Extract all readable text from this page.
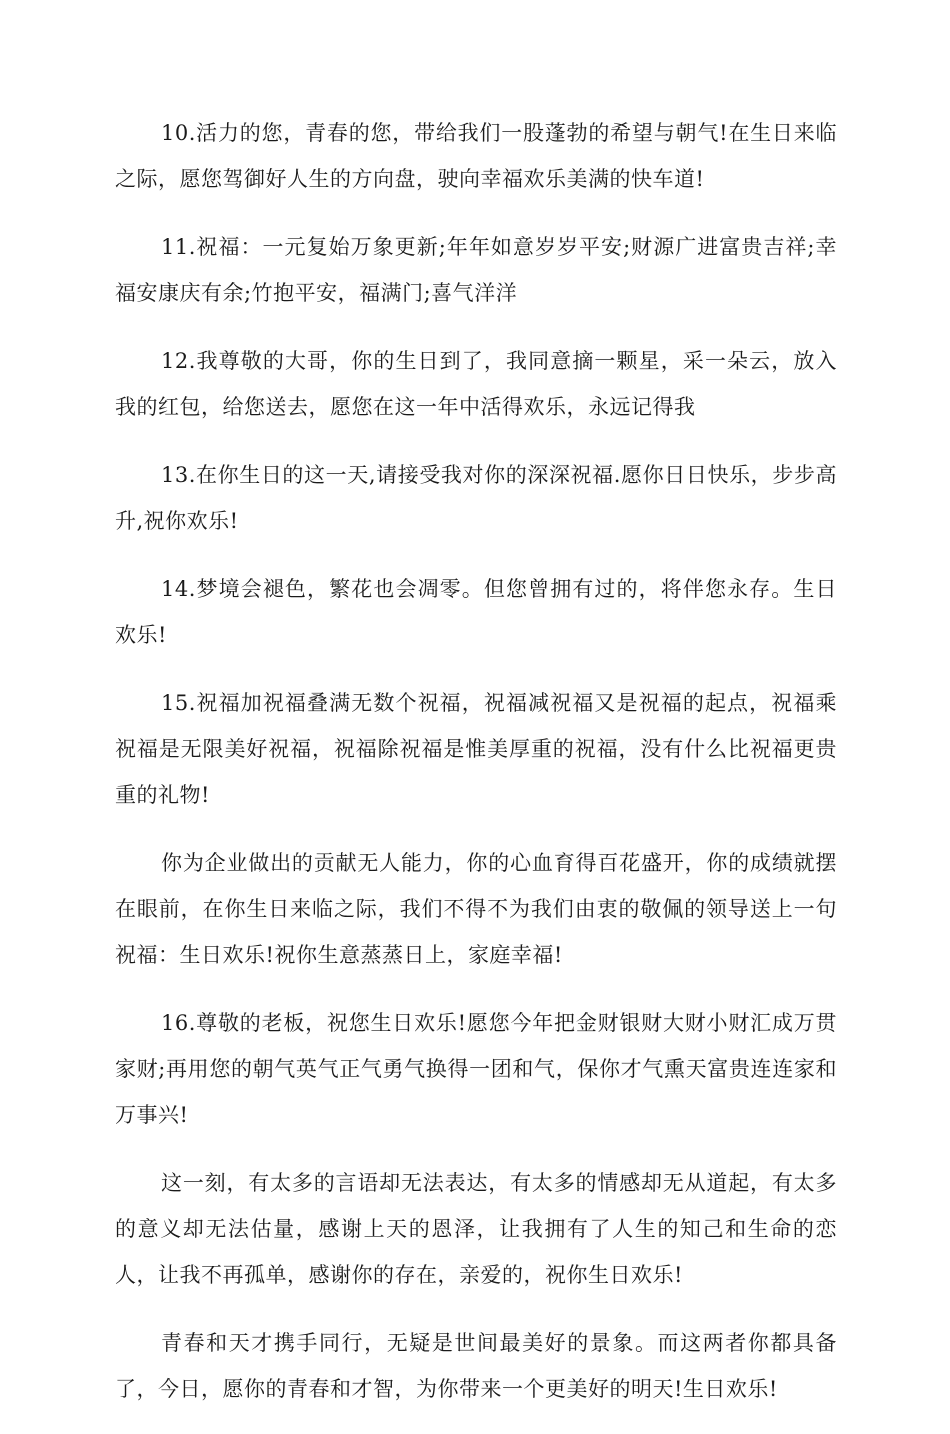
10.活力的您，青春的您，带给我们一股蓬勃的希望与朝气!在生日来临之际，愿您驾御好人生的方向盘，驶向幸福欢乐美满的快车道!

11.祝福：一元复始万象更新;年年如意岁岁平安;财源广进富贵吉祥;幸福安康庆有余;竹抱平安，福满门;喜气洋洋

12.我尊敬的大哥，你的生日到了，我同意摘一颗星，采一朵云，放入我的红包，给您送去，愿您在这一年中活得欢乐，永远记得我

13.在你生日的这一天,请接受我对你的深深祝福.愿你日日快乐，步步高升,祝你欢乐!

14.梦境会褪色，繁花也会凋零。但您曾拥有过的，将伴您永存。生日欢乐!

15.祝福加祝福叠满无数个祝福，祝福减祝福又是祝福的起点，祝福乘祝福是无限美好祝福，祝福除祝福是惟美厚重的祝福，没有什么比祝福更贵重的礼物!

你为企业做出的贡献无人能力，你的心血育得百花盛开，你的成绩就摆在眼前，在你生日来临之际，我们不得不为我们由衷的敬佩的领导送上一句祝福：生日欢乐!祝你生意蒸蒸日上，家庭幸福!

16.尊敬的老板，祝您生日欢乐!愿您今年把金财银财大财小财汇成万贯家财;再用您的朝气英气正气勇气换得一团和气，保你才气熏天富贵连连家和万事兴!

这一刻，有太多的言语却无法表达，有太多的情感却无从道起，有太多的意义却无法估量，感谢上天的恩泽，让我拥有了人生的知己和生命的恋人，让我不再孤单，感谢你的存在，亲爱的，祝你生日欢乐!

青春和天才携手同行，无疑是世间最美好的景象。而这两者你都具备了，今日，愿你的青春和才智，为你带来一个更美好的明天!生日欢乐!
